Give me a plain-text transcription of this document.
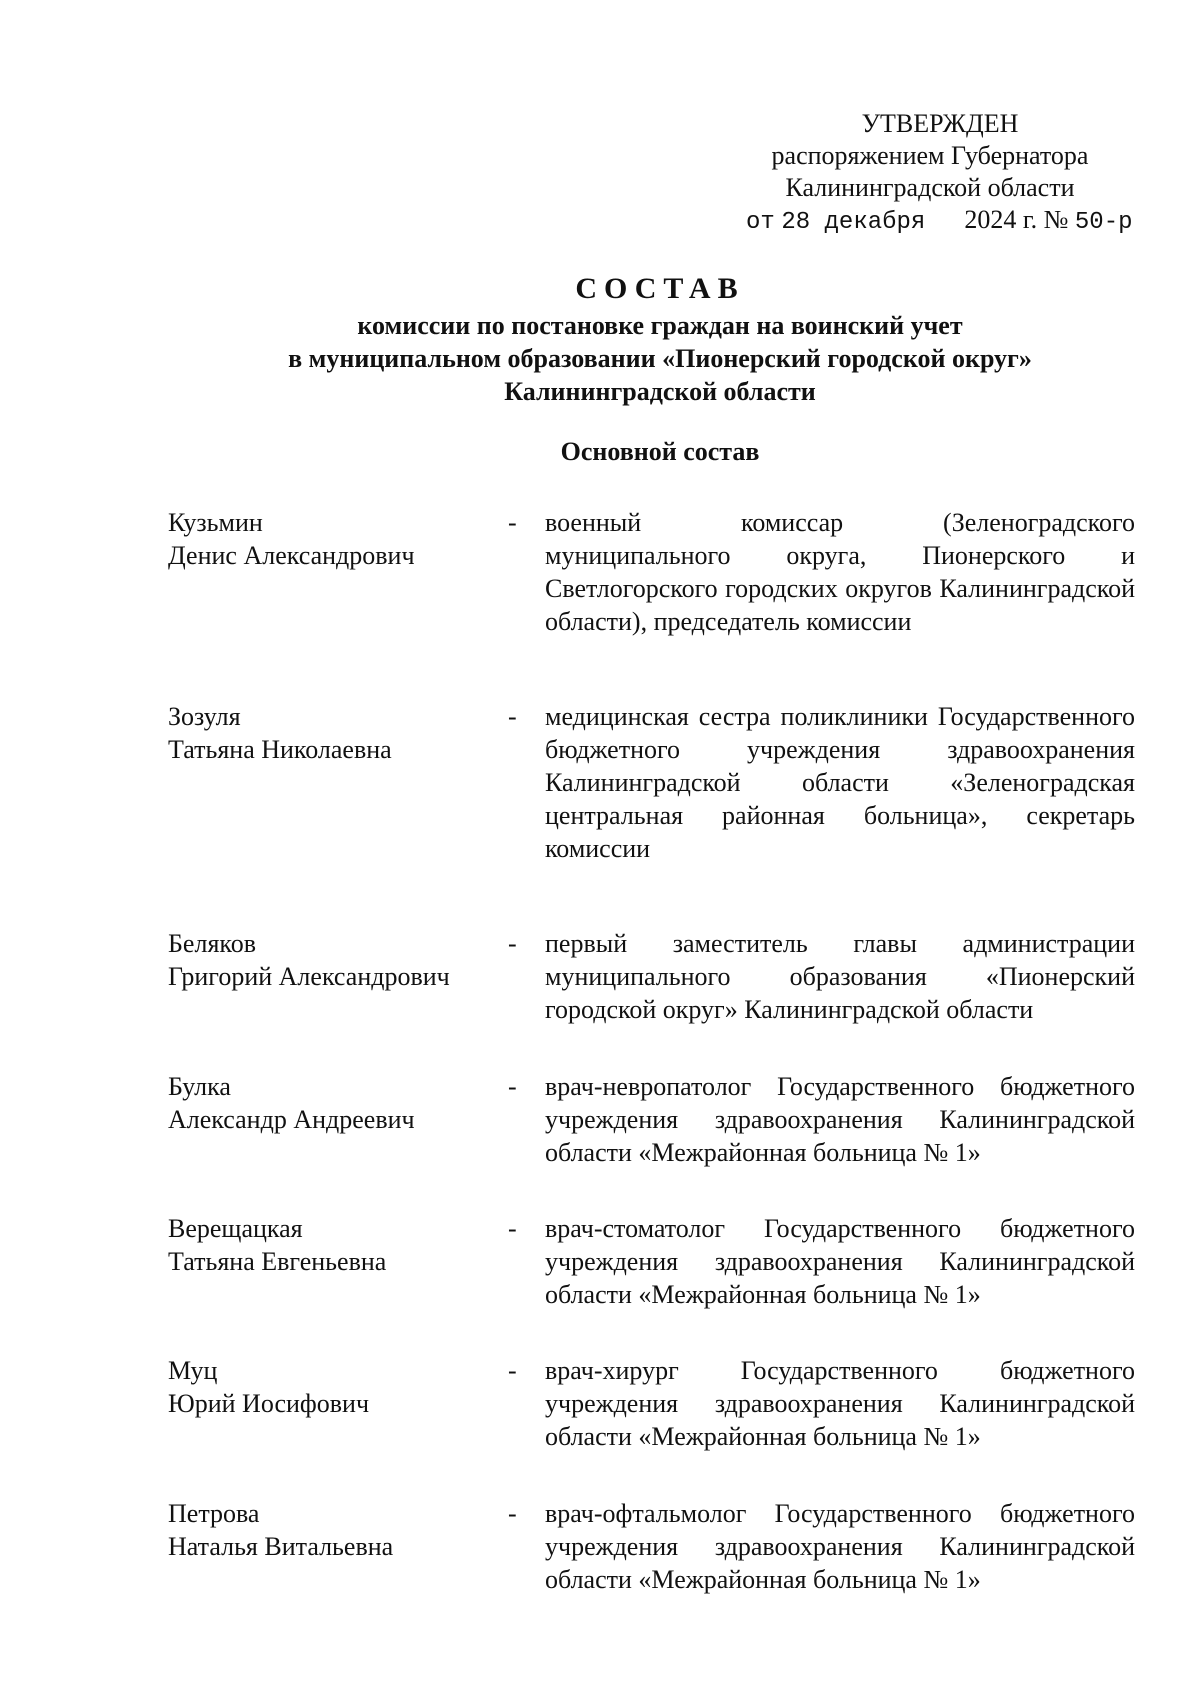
УТВЕРЖДЕН
распоряжением Губернатора
Калининградской области
от 28 декабря 2024 г. № 50-р
СОСТАВ
комиссии по постановке граждан на воинский учет
в муниципальном образовании «Пионерский городской округ»
Калининградской области
Основной состав
Кузьмин
Денис Александрович
-	военный комиссар (Зеленоградского муниципального округа, Пионерского и Светлогорского городских округов Калининградской области), председатель комиссии
Зозуля
Татьяна Николаевна
-	медицинская сестра поликлиники Государственного бюджетного учреждения здравоохранения Калининградской области «Зеленоградская центральная районная больница», секретарь комиссии
Беляков
Григорий Александрович
-	первый заместитель главы администрации муниципального образования «Пионерский городской округ» Калининградской области
Булка
Александр Андреевич
-	врач-невропатолог Государственного бюджетного учреждения здравоохранения Калининградской области «Межрайонная больница № 1»
Верещацкая
Татьяна Евгеньевна
-	врач-стоматолог Государственного бюджетного учреждения здравоохранения Калининградской области «Межрайонная больница № 1»
Муц
Юрий Иосифович
-	врач-хирург Государственного бюджетного учреждения здравоохранения Калининградской области «Межрайонная больница № 1»
Петрова
Наталья Витальевна
-	врач-офтальмолог Государственного бюджетного учреждения здравоохранения Калининградской области «Межрайонная больница № 1»
